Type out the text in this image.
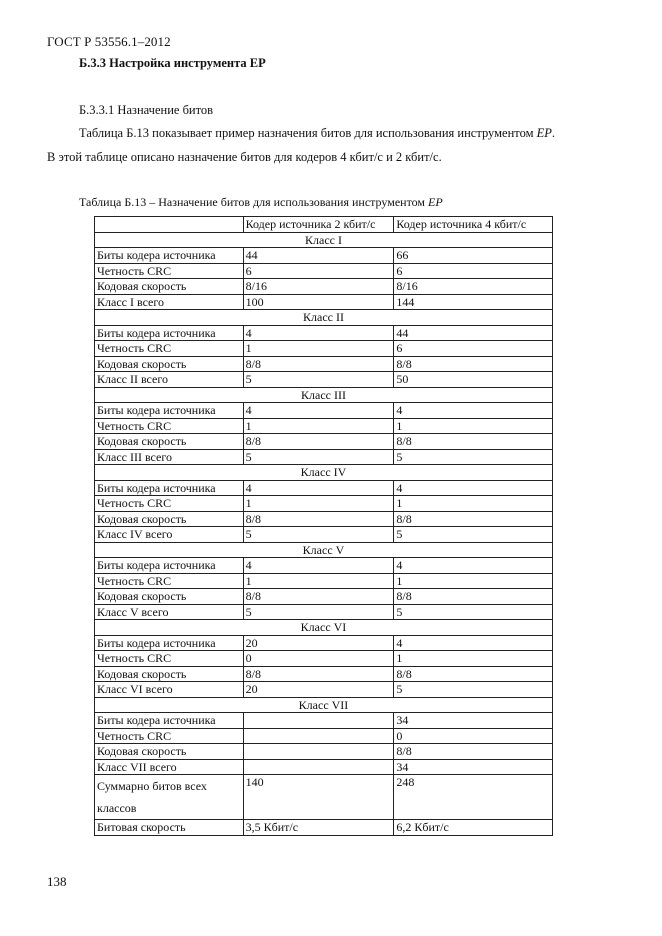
ГОСТ Р 53556.1–2012
Б.3.3 Настройка инструмента ЕР
Б.3.3.1 Назначение битов
Таблица Б.13 показывает пример назначения битов для использования инструментом ЕР.
В этой таблице описано назначение битов для кодеров 4 кбит/с и 2 кбит/с.
Таблица Б.13 – Назначение битов для использования инструментом ЕР
	Кодер источника 2 кбит/с	Кодер источника 4 кбит/с
Класс I		
Биты кодера источника	44	66
Четность CRC	6	6
Кодовая скорость	8/16	8/16
Класс I всего	100	144
Класс II		
Биты кодера источника	4	44
Четность CRC	1	6
Кодовая скорость	8/8	8/8
Класс II всего	5	50
Класс III		
Биты кодера источника	4	4
Четность CRC	1	1
Кодовая скорость	8/8	8/8
Класс III всего	5	5
Класс IV		
Биты кодера источника	4	4
Четность CRC	1	1
Кодовая скорость	8/8	8/8
Класс IV всего	5	5
Класс V		
Биты кодера источника	4	4
Четность CRC	1	1
Кодовая скорость	8/8	8/8
Класс V всего	5	5
Класс VI		
Биты кодера источника	20	4
Четность CRC	0	1
Кодовая скорость	8/8	8/8
Класс VI всего	20	5
Класс VII		
Биты кодера источника		34
Четность CRC		0
Кодовая скорость		8/8
Класс VII всего		34
Суммарно битов всех классов	140	248
Битовая скорость	3,5 Кбит/с	6,2 Кбит/с
138
